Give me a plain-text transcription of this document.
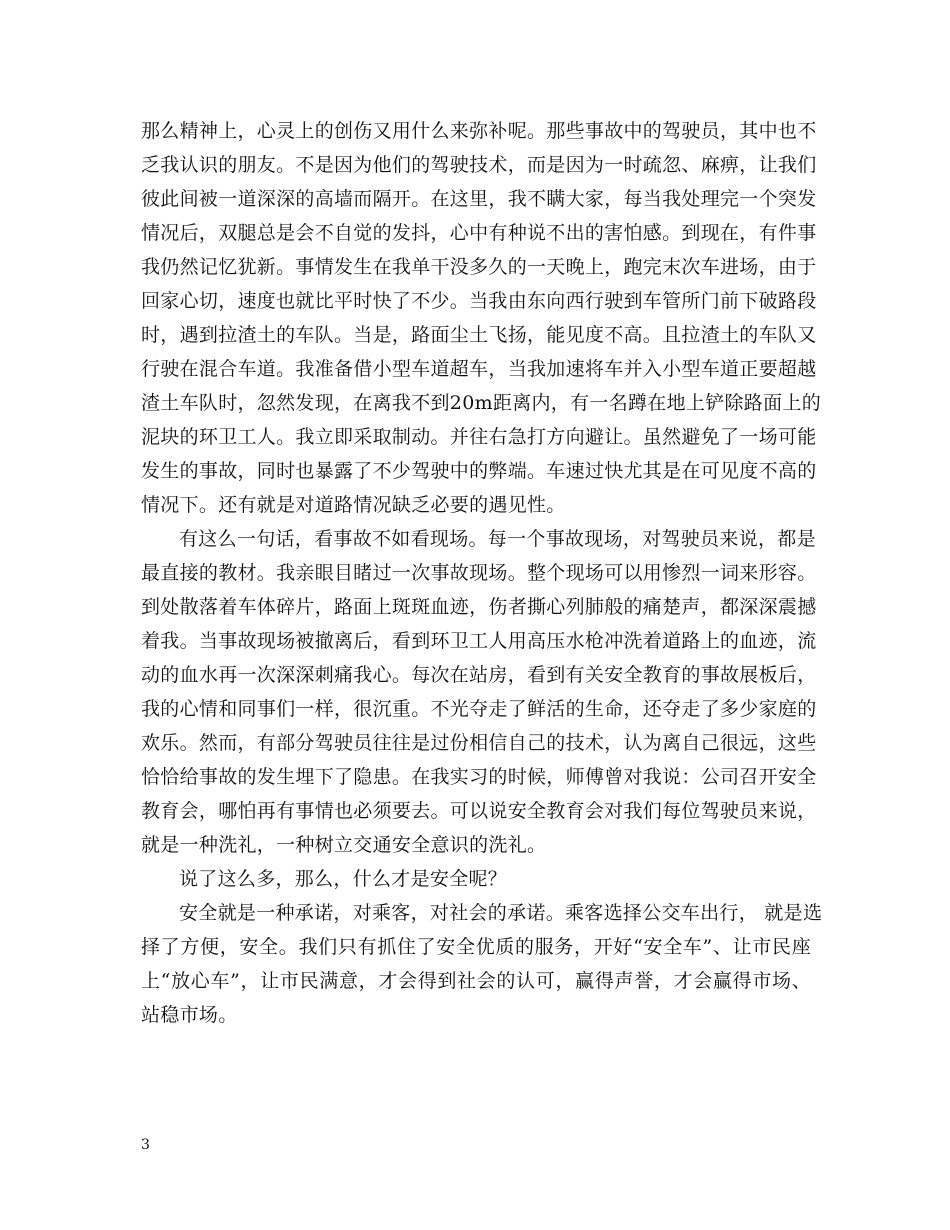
那么精神上，心灵上的创伤又用什么来弥补呢。那些事故中的驾驶员，其中也不
乏我认识的朋友。不是因为他们的驾驶技术，而是因为一时疏忽、麻痹，让我们
彼此间被一道深深的高墙而隔开。在这里，我不瞒大家，每当我处理完一个突发
情况后，双腿总是会不自觉的发抖，心中有种说不出的害怕感。到现在，有件事
我仍然记忆犹新。事情发生在我单干没多久的一天晚上，跑完末次车进场，由于
回家心切，速度也就比平时快了不少。当我由东向西行驶到车管所门前下破路段
时，遇到拉渣土的车队。当是，路面尘土飞扬，能见度不高。且拉渣土的车队又
行驶在混合车道。我准备借小型车道超车，当我加速将车并入小型车道正要超越
渣土车队时，忽然发现，在离我不到20m距离内，有一名蹲在地上铲除路面上的
泥块的环卫工人。我立即采取制动。并往右急打方向避让。虽然避免了一场可能
发生的事故，同时也暴露了不少驾驶中的弊端。车速过快尤其是在可见度不高的
情况下。还有就是对道路情况缺乏必要的遇见性。
有这么一句话，看事故不如看现场。每一个事故现场，对驾驶员来说，都是
最直接的教材。我亲眼目睹过一次事故现场。整个现场可以用惨烈一词来形容。
到处散落着车体碎片，路面上斑斑血迹，伤者撕心列肺般的痛楚声，都深深震撼
着我。当事故现场被撤离后，看到环卫工人用高压水枪冲洗着道路上的血迹，流
动的血水再一次深深刺痛我心。每次在站房，看到有关安全教育的事故展板后，
我的心情和同事们一样，很沉重。不光夺走了鲜活的生命，还夺走了多少家庭的
欢乐。然而，有部分驾驶员往往是过份相信自己的技术，认为离自己很远，这些
恰恰给事故的发生埋下了隐患。在我实习的时候，师傅曾对我说：公司召开安全
教育会，哪怕再有事情也必须要去。可以说安全教育会对我们每位驾驶员来说，
就是一种洗礼，一种树立交通安全意识的洗礼。
说了这么多，那么，什么才是安全呢？
安全就是一种承诺，对乘客，对社会的承诺。乘客选择公交车出行， 就是选
择了方便，安全。我们只有抓住了安全优质的服务，开好“安全车”、让市民座
上“放心车”，让市民满意，才会得到社会的认可，赢得声誉，才会赢得市场、
站稳市场。
3
